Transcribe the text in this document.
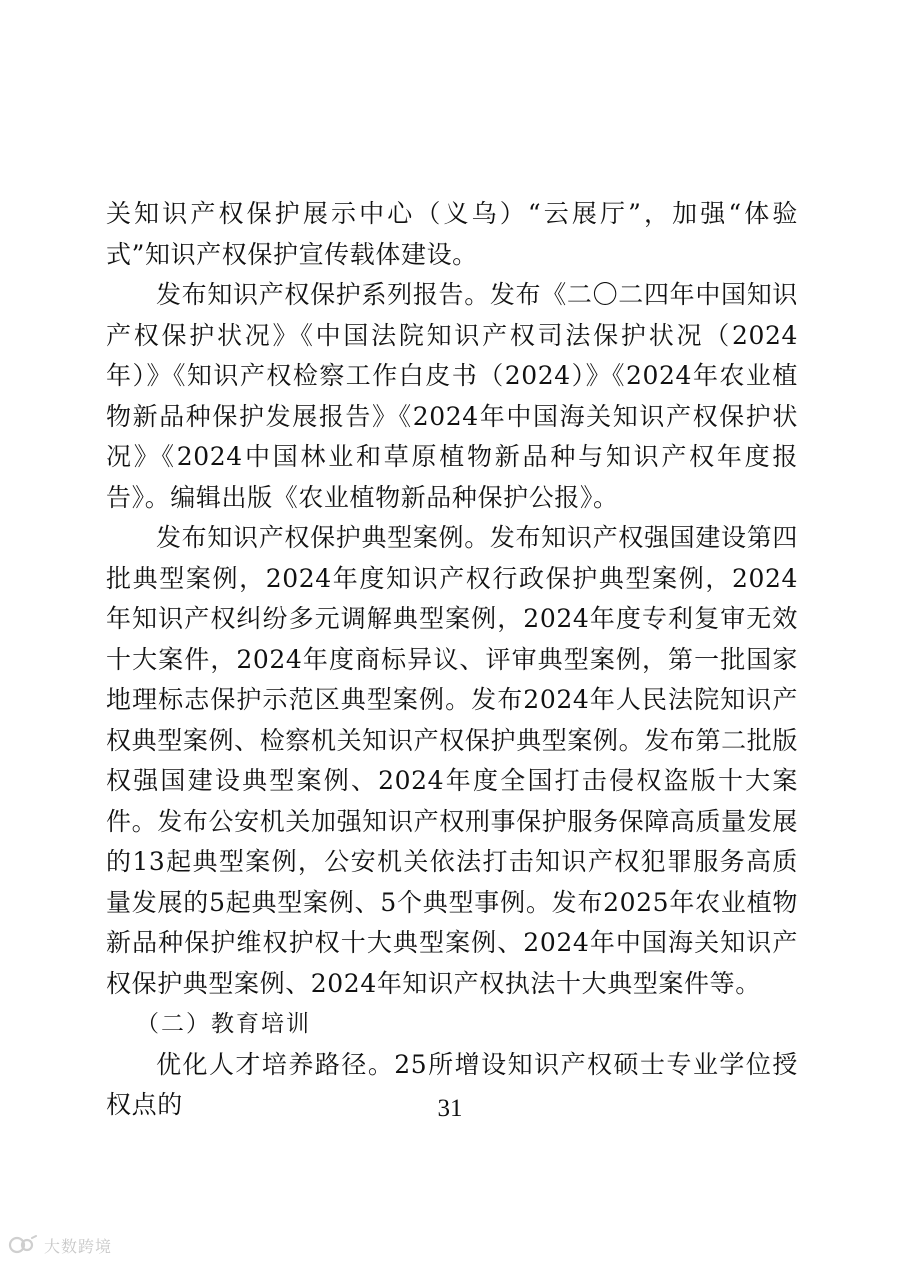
关知识产权保护展示中心（义乌）“云展厅”，加强“体验式”知识产权保护宣传载体建设。

发布知识产权保护系列报告。发布《二〇二四年中国知识产权保护状况》《中国法院知识产权司法保护状况（2024年）》《知识产权检察工作白皮书（2024）》《2024年农业植物新品种保护发展报告》《2024年中国海关知识产权保护状况》《2024中国林业和草原植物新品种与知识产权年度报告》。编辑出版《农业植物新品种保护公报》。

发布知识产权保护典型案例。发布知识产权强国建设第四批典型案例，2024年度知识产权行政保护典型案例，2024年知识产权纠纷多元调解典型案例，2024年度专利复审无效十大案件，2024年度商标异议、评审典型案例，第一批国家地理标志保护示范区典型案例。发布2024年人民法院知识产权典型案例、检察机关知识产权保护典型案例。发布第二批版权强国建设典型案例、2024年度全国打击侵权盗版十大案件。发布公安机关加强知识产权刑事保护服务保障高质量发展的13起典型案例，公安机关依法打击知识产权犯罪服务高质量发展的5起典型案例、5个典型事例。发布2025年农业植物新品种保护维权护权十大典型案例、2024年中国海关知识产权保护典型案例、2024年知识产权执法十大典型案件等。

（二）教育培训

优化人才培养路径。25所增设知识产权硕士专业学位授权点的	31
大数跨境
